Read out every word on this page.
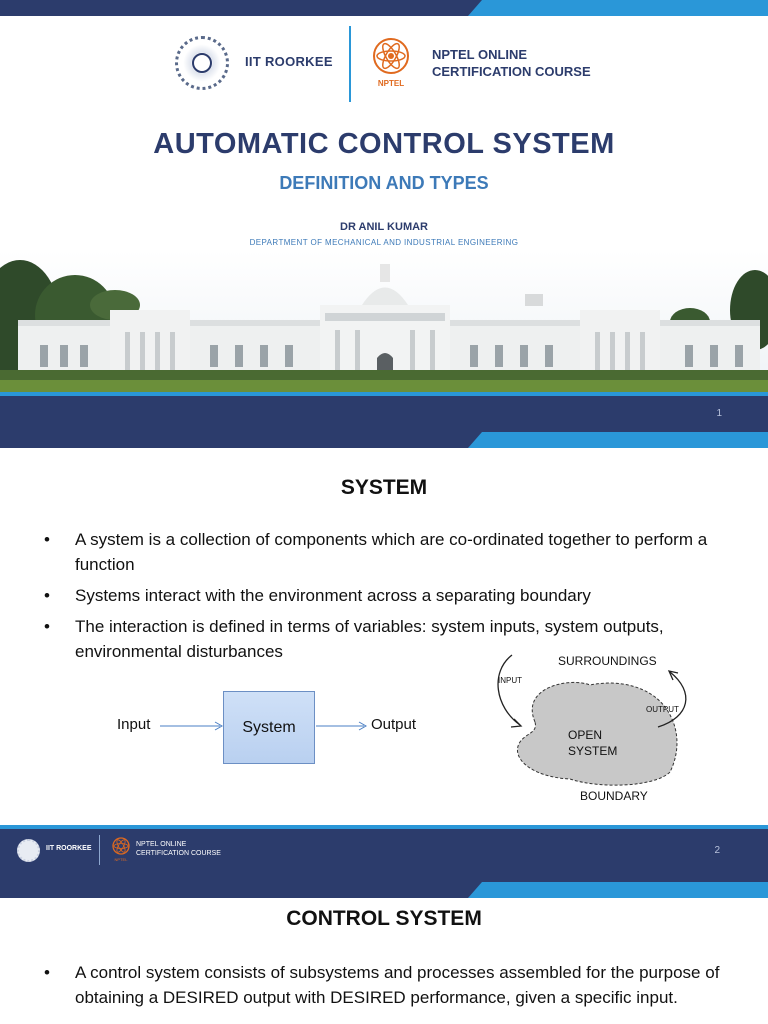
IIT ROORKEE
NPTEL
NPTEL ONLINE
CERTIFICATION COURSE
AUTOMATIC CONTROL SYSTEM
DEFINITION AND TYPES
DR ANIL KUMAR
DEPARTMENT OF MECHANICAL AND INDUSTRIAL ENGINEERING
1
SYSTEM
• A system is a collection of components which are co-ordinated together to perform a function
• Systems interact with the environment across a separating boundary
• The interaction is defined in terms of variables: system inputs, system outputs, environmental disturbances
Input	System	Output
SURROUNDINGS
INPUT
OUTPUT
OPEN
SYSTEM
BOUNDARY
IIT ROORKEE
NPTEL
NPTEL ONLINE
CERTIFICATION COURSE	2
CONTROL SYSTEM
• A control system consists of subsystems and processes assembled for the purpose of obtaining a DESIRED output with DESIRED performance, given a specific input.
